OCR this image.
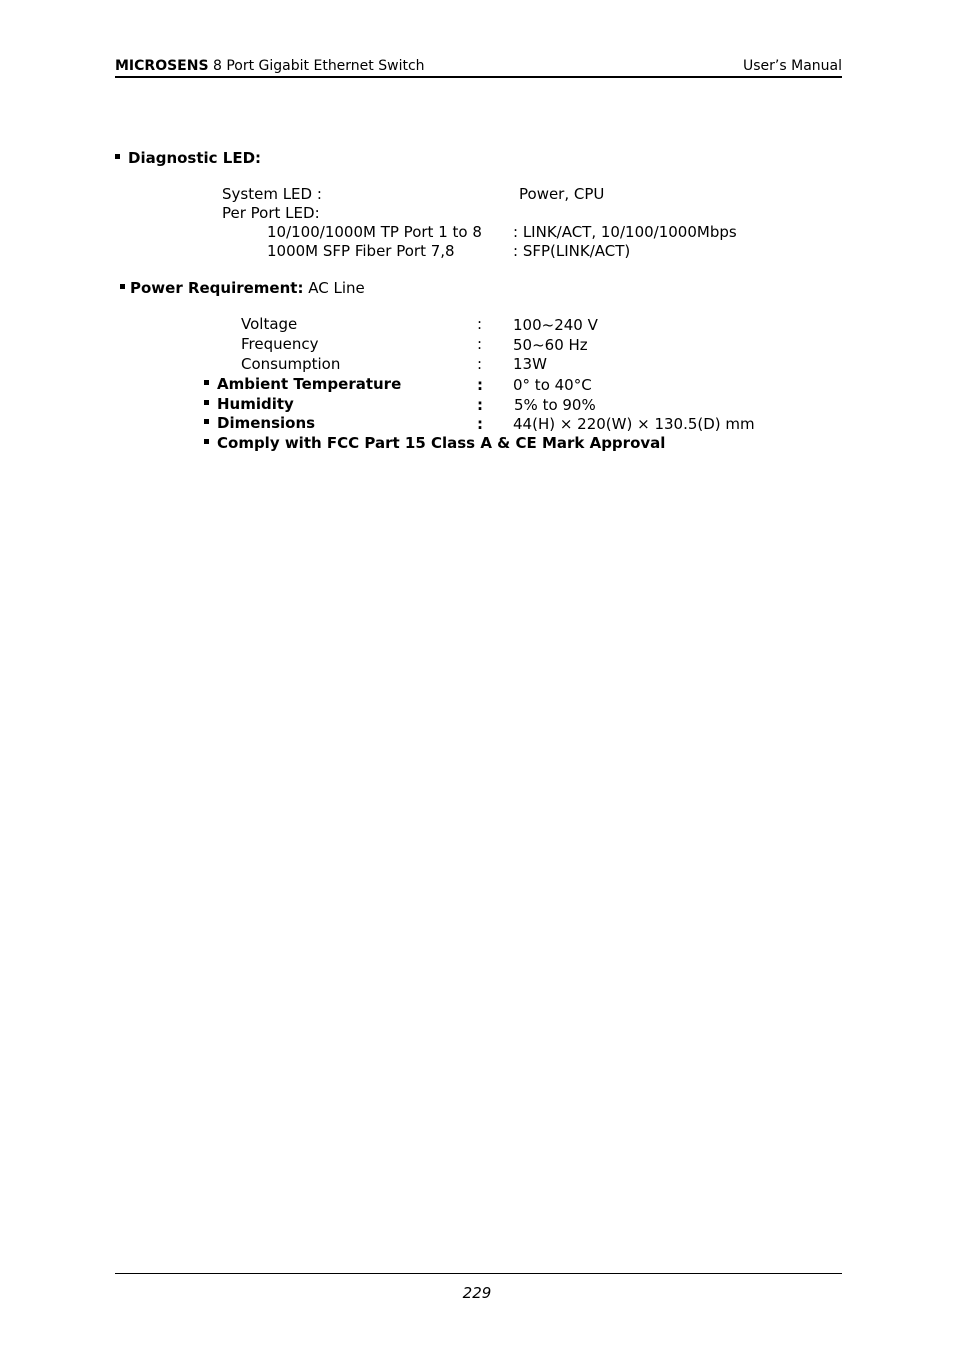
MICROSENS 8 Port Gigabit Ethernet Switch	User’s Manual
Diagnostic LED:
System LED :	Power, CPU
Per Port LED:
10/100/1000M TP Port 1 to 8 : LINK/ACT, 10/100/1000Mbps
1000M SFP Fiber Port 7,8	: SFP(LINK/ACT)
Power Requirement: AC Line
Voltage	: 100~240 V
Frequency	: 50~60 Hz
Consumption	: 13W
Ambient Temperature	: 0° to 40°C
Humidity	: 5% to 90%
Dimensions	: 44(H) × 220(W) × 130.5(D) mm
Comply with FCC Part 15 Class A & CE Mark Approval
229
